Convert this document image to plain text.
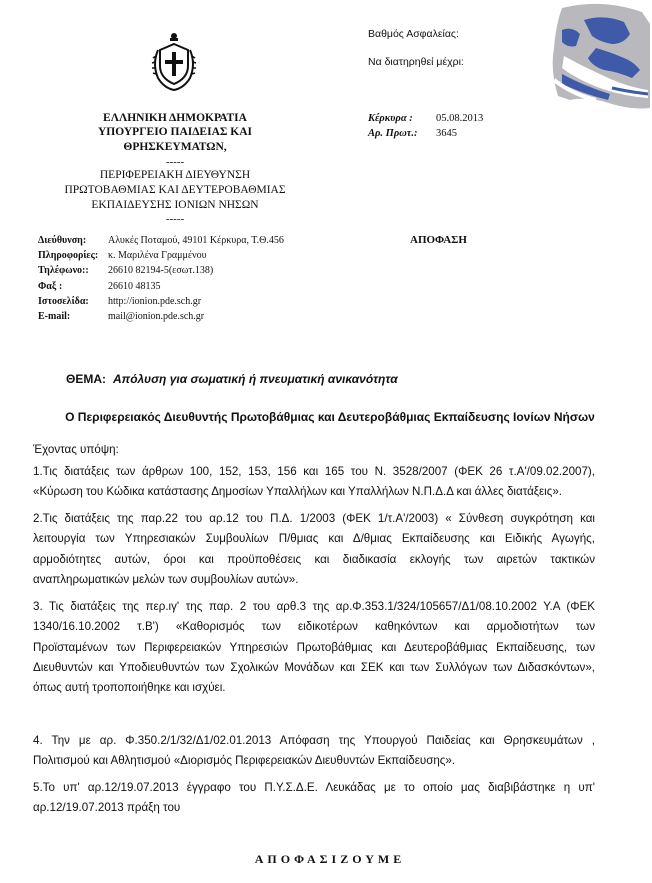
ΕΛΛΗΝΙΚΗ ΔΗΜΟΚΡΑΤΙΑ
ΥΠΟΥΡΓΕΙΟ ΠΑΙΔΕΙΑΣ ΚΑΙ ΘΡΗΣΚΕΥΜΑΤΩΝ,
-----
ΠΕΡΙΦΕΡΕΙΑΚΗ ΔΙΕΥΘΥΝΣΗ
ΠΡΩΤΟΒΑΘΜΙΑΣ ΚΑΙ ΔΕΥΤΕΡΟΒΑΘΜΙΑΣ
ΕΚΠΑΙΔΕΥΣΗΣ ΙΟΝΙΩΝ ΝΗΣΩΝ
-----
Βαθμός Ασφαλείας:
Να διατηρηθεί μέχρι:
Κέρκυρα : 05.08.2013
Αρ. Πρωτ.: 3645
ΑΠΟΦΑΣΗ
Διεύθυνση:	Αλυκές Ποταμού, 49101 Κέρκυρα, Τ.Θ.456
Πληροφορίες: κ. Μαριλένα Γραμμένου
Τηλέφωνο::	26610 82194-5(εσωτ.138)
Φαξ :	26610 48135
Ιστοσελίδα:	http://ionion.pde.sch.gr
E-mail:	mail@ionion.pde.sch.gr
ΘΕΜΑ: Απόλυση για σωματική ή πνευματική ανικανότητα
Ο Περιφερειακός Διευθυντής Πρωτοβάθμιας και Δευτεροβάθμιας Εκπαίδευσης Ιονίων Νήσων
Έχοντας υπόψη:
1.Τις διατάξεις των άρθρων 100, 152, 153, 156 και 165 του Ν. 3528/2007 (ΦΕΚ 26 τ.Α'/09.02.2007),
«Κύρωση του Κώδικα κατάστασης Δημοσίων Υπαλλήλων και Υπαλλήλων Ν.Π.Δ.Δ και άλλες διατάξεις».
2.Τις διατάξεις της παρ.22 του αρ.12 του Π.Δ. 1/2003 (ΦΕΚ 1/τ.Α'/2003) « Σύνθεση συγκρότηση και
λειτουργία των Υπηρεσιακών Συμβουλίων Π/θμιας και Δ/θμιας Εκπαίδευσης και Ειδικής Αγωγής,
αρμοδιότητες αυτών, όροι και προϋποθέσεις και διαδικασία εκλογής των αιρετών τακτικών
αναπληρωματικών μελών των συμβουλίων αυτών».
3. Τις διατάξεις της περ.ιγ' της παρ. 2 του αρθ.3 της αρ.Φ.353.1/324/105657/Δ1/08.10.2002 Υ.Α (ΦΕΚ
1340/16.10.2002 τ.Β') «Καθορισμός των ειδικοτέρων καθηκόντων και αρμοδιοτήτων των
Προϊσταμένων των Περιφερειακών Υπηρεσιών Πρωτοβάθμιας και Δευτεροβάθμιας Εκπαίδευσης, των
Διευθυντών και Υποδιευθυντών των Σχολικών Μονάδων και ΣΕΚ και των Συλλόγων των Διδασκόντων»,
όπως αυτή τροποποιήθηκε και ισχύει.
4. Την με αρ. Φ.350.2/1/32/Δ1/02.01.2013 Απόφαση της Υπουργού Παιδείας και Θρησκευμάτων ,
Πολιτισμού και Αθλητισμού «Διορισμός Περιφερειακών Διευθυντών Εκπαίδευσης».
5.Το υπ' αρ.12/19.07.2013 έγγραφο του Π.Υ.Σ.Δ.Ε. Λευκάδας με το οποίο μας διαβιβάστηκε η υπ'
αρ.12/19.07.2013 πράξη του
ΑΠΟΦΑΣΙΖΟΥΜΕ
